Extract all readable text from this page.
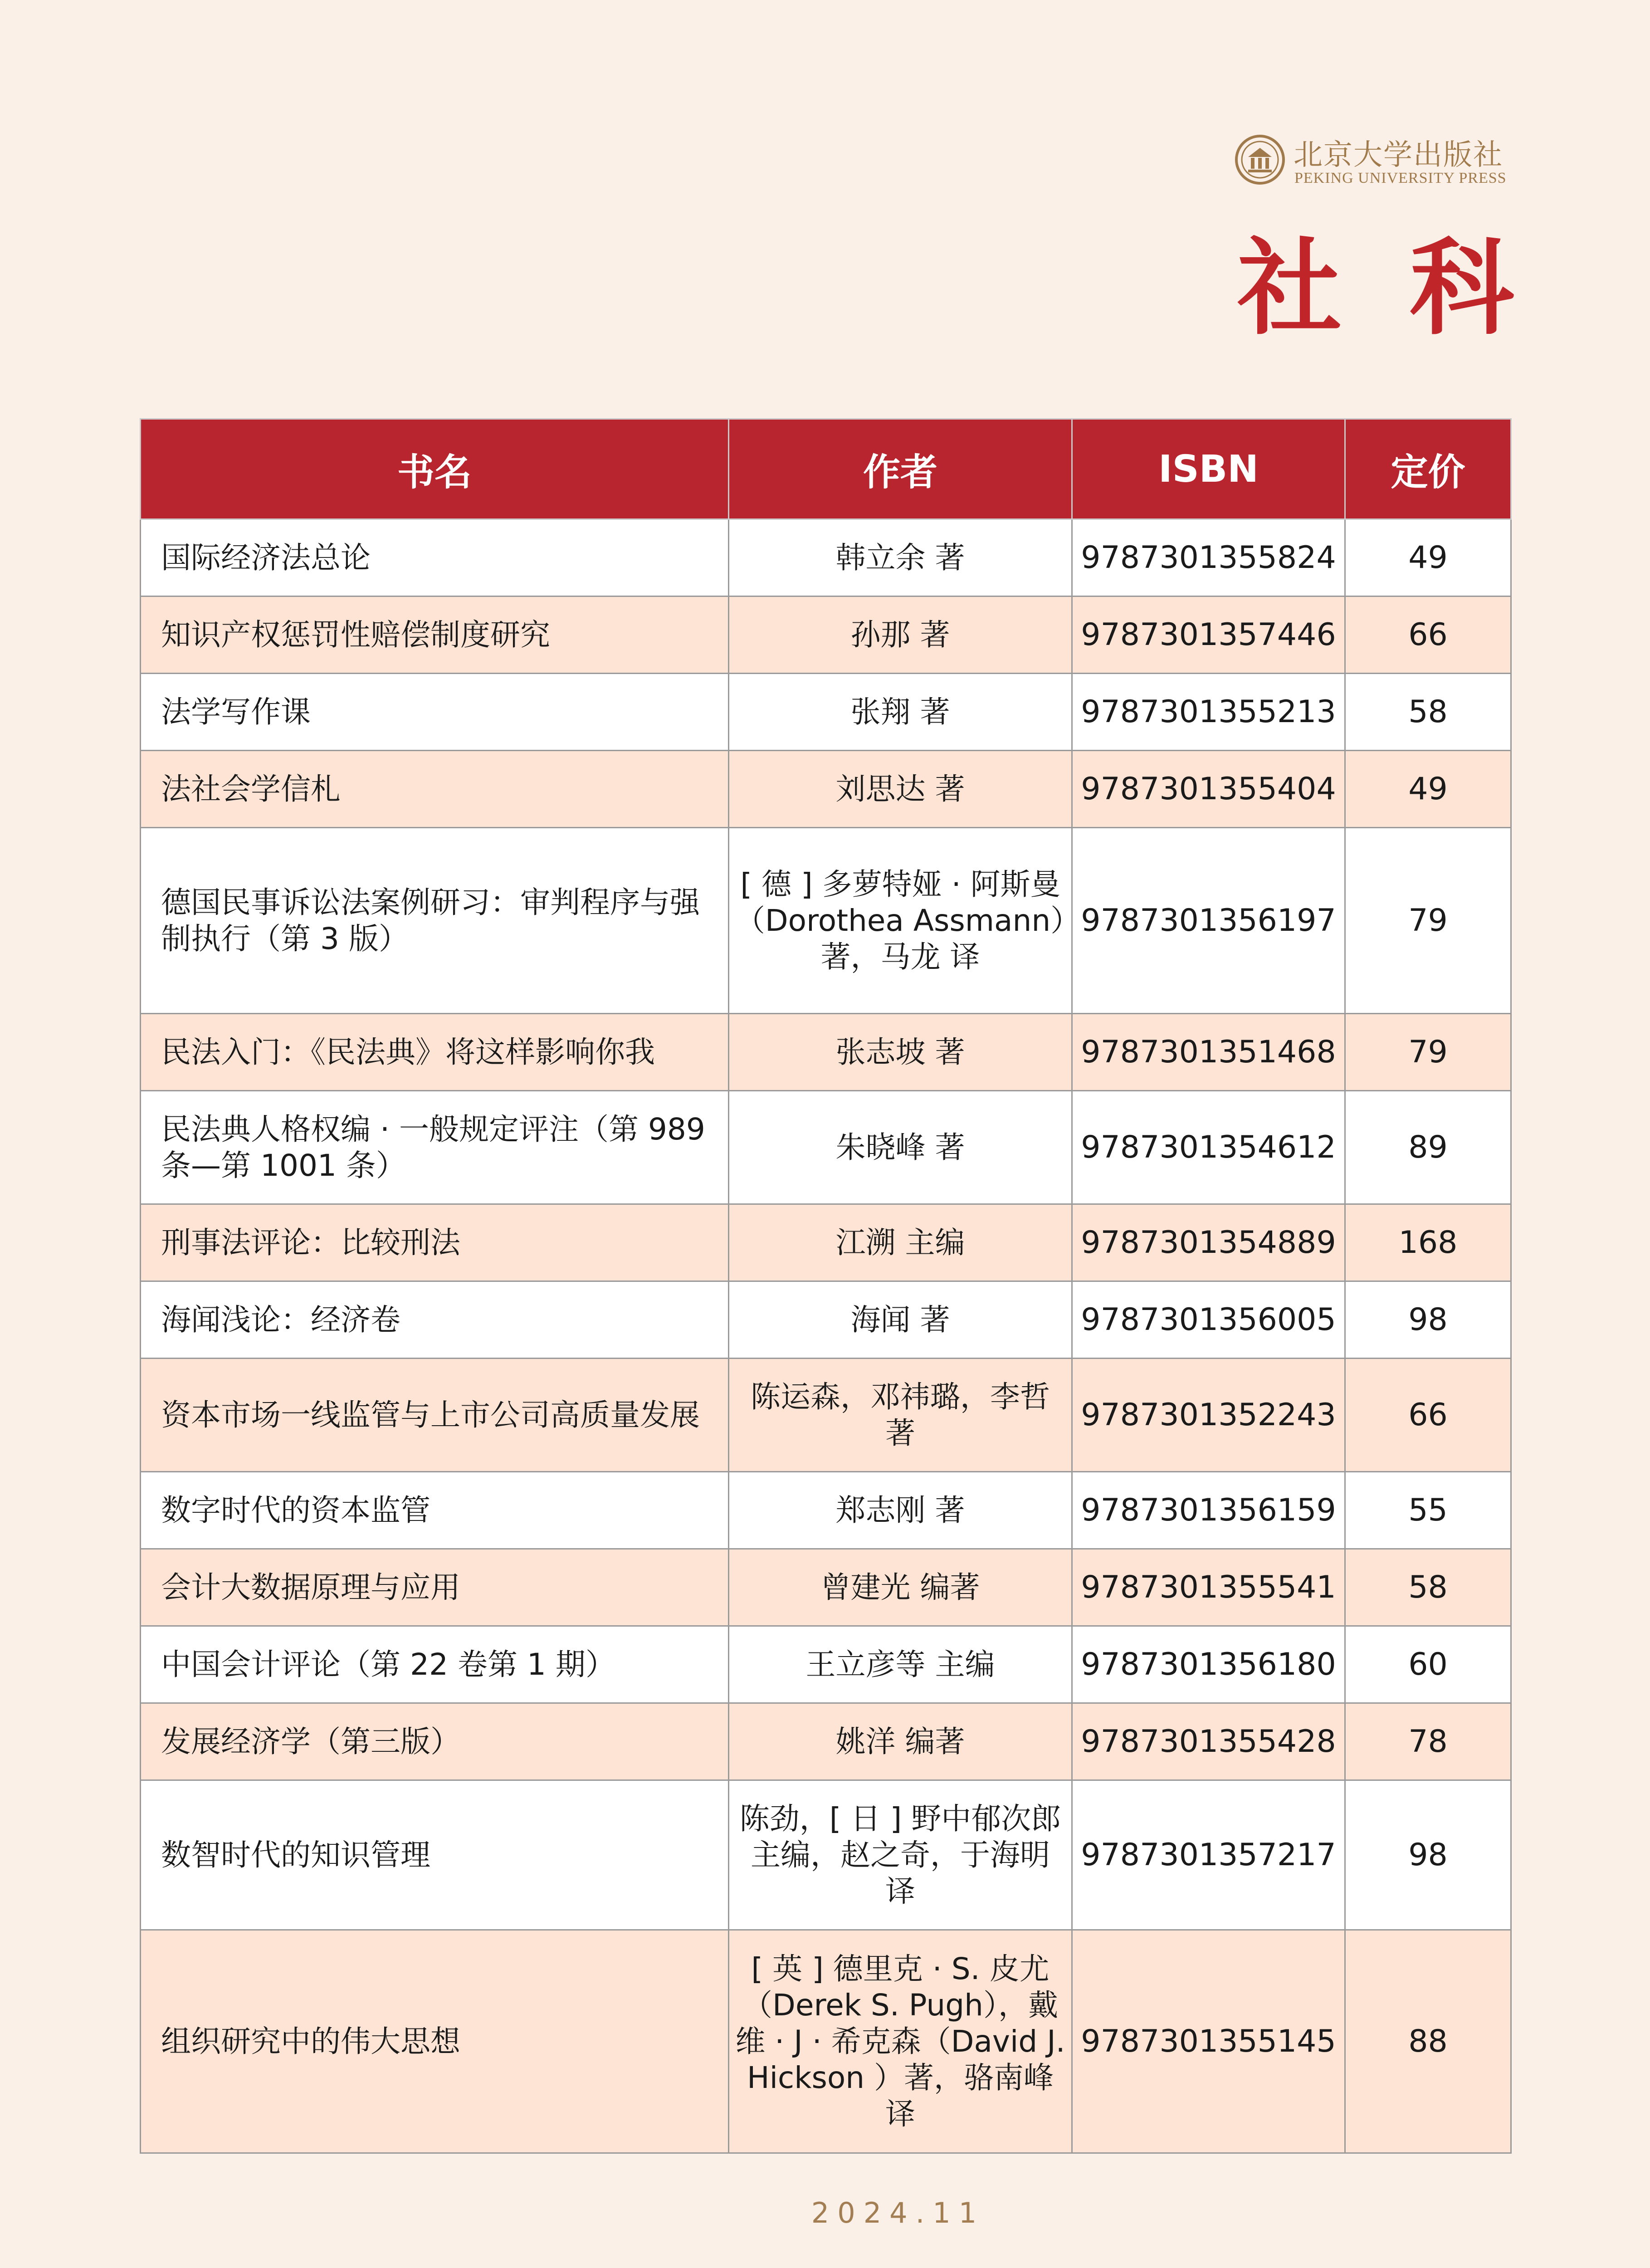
北京大学出版社
PEKING UNIVERSITY PRESS
社科
书名	作者	ISBN	定价
国际经济法总论	韩立余 著	9787301355824	49
知识产权惩罚性赔偿制度研究	孙那 著	9787301357446	66
法学写作课	张翔 著	9787301355213	58
法社会学信札	刘思达 著	9787301355404	49
德国民事诉讼法案例研习：审判程序与强制执行（第 3 版）	[ 德 ] 多萝特娅 · 阿斯曼（Dorothea Assmann）著，马龙 译	9787301356197	79
民法入门：《民法典》将这样影响你我	张志坡 著	9787301351468	79
民法典人格权编 · 一般规定评注（第 989 条—第 1001 条）	朱晓峰 著	9787301354612	89
刑事法评论：比较刑法	江溯 主编	9787301354889	168
海闻浅论：经济卷	海闻 著	9787301356005	98
资本市场一线监管与上市公司高质量发展	陈运森，邓祎璐，李哲 著	9787301352243	66
数字时代的资本监管	郑志刚 著	9787301356159	55
会计大数据原理与应用	曾建光 编著	9787301355541	58
中国会计评论（第 22 卷第 1 期）	王立彦等 主编	9787301356180	60
发展经济学（第三版）	姚洋 编著	9787301355428	78
数智时代的知识管理	陈劲，[ 日 ] 野中郁次郎 主编，赵之奇，于海明 译	9787301357217	98
组织研究中的伟大思想	[ 英 ] 德里克 · S. 皮尤（Derek S. Pugh），戴维 · J · 希克森（David J. Hickson ）著，骆南峰 译	9787301355145	88
2024.11
